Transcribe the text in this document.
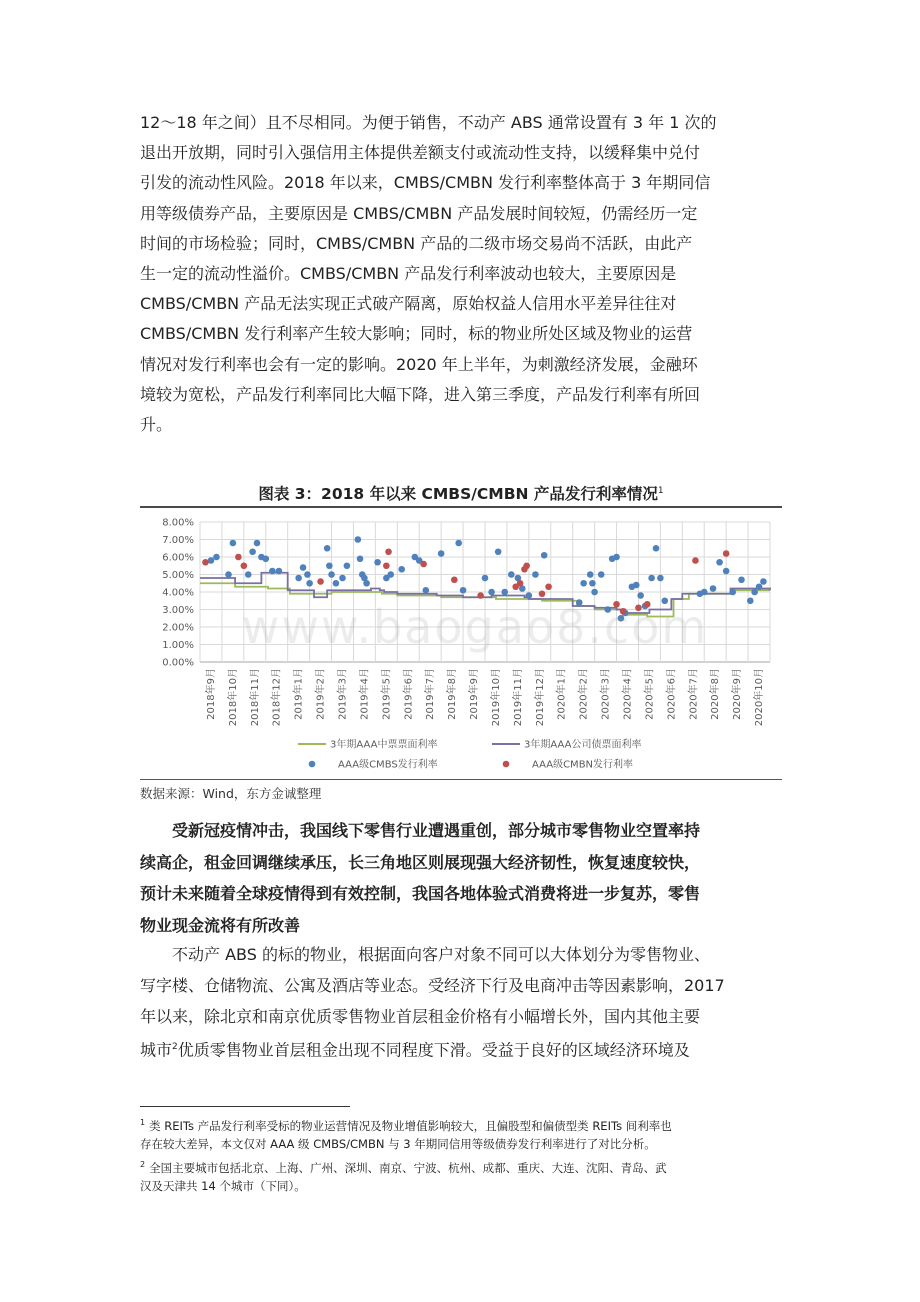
12～18 年之间）且不尽相同。为便于销售，不动产 ABS 通常设置有 3 年 1 次的

退出开放期，同时引入强信用主体提供差额支付或流动性支持，以缓释集中兑付

引发的流动性风险。2018 年以来，CMBS/CMBN 发行利率整体高于 3 年期同信

用等级债券产品，主要原因是 CMBS/CMBN 产品发展时间较短，仍需经历一定

时间的市场检验；同时，CMBS/CMBN 产品的二级市场交易尚不活跃，由此产

生一定的流动性溢价。CMBS/CMBN 产品发行利率波动也较大，主要原因是

CMBS/CMBN 产品无法实现正式破产隔离，原始权益人信用水平差异往往对

CMBS/CMBN 发行利率产生较大影响；同时，标的物业所处区域及物业的运营

情况对发行利率也会有一定的影响。2020 年上半年，为刺激经济发展，金融环

境较为宽松，产品发行利率同比大幅下降，进入第三季度，产品发行利率有所回

升。

图表 3：2018 年以来 CMBS/CMBN 产品发行利率情况$^1$
8.00%
7.00%
6.00%
5.00%
4.00%
3.00%
2.00%
1.00%
0.00%
2018年9月 2018年10月 2018年11月 2018年12月 2019年1月 2019年2月 2019年3月 2019年4月 2019年5月 2019年6月 2019年7月 2019年8月 2019年9月 2019年10月 2019年11月 2019年12月 2020年1月 2020年2月 2020年3月 2020年4月 2020年5月 2020年6月 2020年7月 2020年8月 2020年9月 2020年10月
3年期AAA中票票面利率	3年期AAA公司债票面利率
AAA级CMBS发行利率	AAA级CMBN发行利率
www.baogao8.com
数据来源：Wind，东方金诚整理

受新冠疫情冲击，我国线下零售行业遭遇重创，部分城市零售物业空置率持

续高企，租金回调继续承压，长三角地区则展现强大经济韧性，恢复速度较快，

预计未来随着全球疫情得到有效控制，我国各地体验式消费将进一步复苏，零售

物业现金流将有所改善

不动产 ABS 的标的物业，根据面向客户对象不同可以大体划分为零售物业、

写字楼、仓储物流、公寓及酒店等业态。受经济下行及电商冲击等因素影响，2017

年以来，除北京和南京优质零售物业首层租金价格有小幅增长外，国内其他主要

城市$^2$优质零售物业首层租金出现不同程度下滑。受益于良好的区域经济环境及

$^1$ 类 REITs 产品发行利率受标的物业运营情况及物业增值影响较大，且偏股型和偏债型类 REITs 间利率也
存在较大差异，本文仅对 AAA 级 CMBS/CMBN 与 3 年期同信用等级债券发行利率进行了对比分析。
$^2$ 全国主要城市包括北京、上海、广州、深圳、南京、宁波、杭州、成都、重庆、大连、沈阳、青岛、武
汉及天津共 14 个城市（下同）。
